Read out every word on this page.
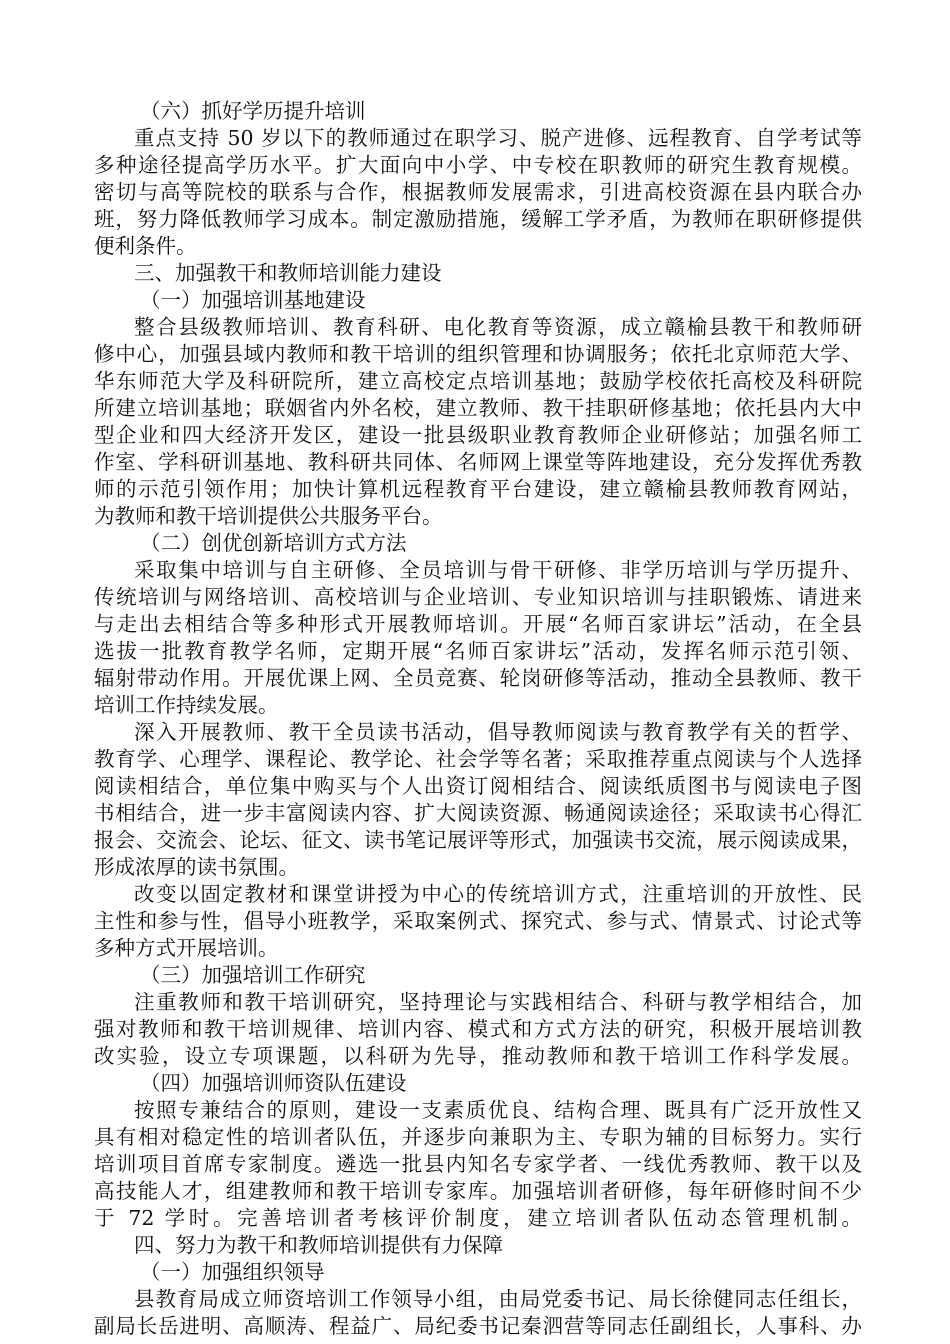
（六）抓好学历提升培训
重点支持 50 岁以下的教师通过在职学习、脱产进修、远程教育、自学考试等
多种途径提高学历水平。扩大面向中小学、中专校在职教师的研究生教育规模。
密切与高等院校的联系与合作，根据教师发展需求，引进高校资源在县内联合办
班，努力降低教师学习成本。制定激励措施，缓解工学矛盾，为教师在职研修提供
便利条件。
三、加强教干和教师培训能力建设
（一）加强培训基地建设
整合县级教师培训、教育科研、电化教育等资源，成立赣榆县教干和教师研
修中心，加强县域内教师和教干培训的组织管理和协调服务；依托北京师范大学、
华东师范大学及科研院所，建立高校定点培训基地；鼓励学校依托高校及科研院
所建立培训基地；联姻省内外名校，建立教师、教干挂职研修基地；依托县内大中
型企业和四大经济开发区，建设一批县级职业教育教师企业研修站；加强名师工
作室、学科研训基地、教科研共同体、名师网上课堂等阵地建设，充分发挥优秀教
师的示范引领作用；加快计算机远程教育平台建设，建立赣榆县教师教育网站，
为教师和教干培训提供公共服务平台。
（二）创优创新培训方式方法
采取集中培训与自主研修、全员培训与骨干研修、非学历培训与学历提升、
传统培训与网络培训、高校培训与企业培训、专业知识培训与挂职锻炼、请进来
与走出去相结合等多种形式开展教师培训。开展“名师百家讲坛”活动，在全县
选拔一批教育教学名师，定期开展“名师百家讲坛”活动，发挥名师示范引领、
辐射带动作用。开展优课上网、全员竞赛、轮岗研修等活动，推动全县教师、教干
培训工作持续发展。
深入开展教师、教干全员读书活动，倡导教师阅读与教育教学有关的哲学、
教育学、心理学、课程论、教学论、社会学等名著；采取推荐重点阅读与个人选择
阅读相结合，单位集中购买与个人出资订阅相结合、阅读纸质图书与阅读电子图
书相结合，进一步丰富阅读内容、扩大阅读资源、畅通阅读途径；采取读书心得汇
报会、交流会、论坛、征文、读书笔记展评等形式，加强读书交流，展示阅读成果，
形成浓厚的读书氛围。
改变以固定教材和课堂讲授为中心的传统培训方式，注重培训的开放性、民
主性和参与性，倡导小班教学，采取案例式、探究式、参与式、情景式、讨论式等
多种方式开展培训。
（三）加强培训工作研究
注重教师和教干培训研究，坚持理论与实践相结合、科研与教学相结合，加
强对教师和教干培训规律、培训内容、模式和方式方法的研究，积极开展培训教
改实验，设立专项课题，以科研为先导，推动教师和教干培训工作科学发展。
（四）加强培训师资队伍建设
按照专兼结合的原则，建设一支素质优良、结构合理、既具有广泛开放性又
具有相对稳定性的培训者队伍，并逐步向兼职为主、专职为辅的目标努力。实行
培训项目首席专家制度。遴选一批县内知名专家学者、一线优秀教师、教干以及
高技能人才，组建教师和教干培训专家库。加强培训者研修，每年研修时间不少
于 72 学时。完善培训者考核评价制度，建立培训者队伍动态管理机制。
四、努力为教干和教师培训提供有力保障
（一）加强组织领导
县教育局成立师资培训工作领导小组，由局党委书记、局长徐健同志任组长，
副局长岳进明、高顺涛、程益广、局纪委书记秦泗营等同志任副组长，人事科、办
